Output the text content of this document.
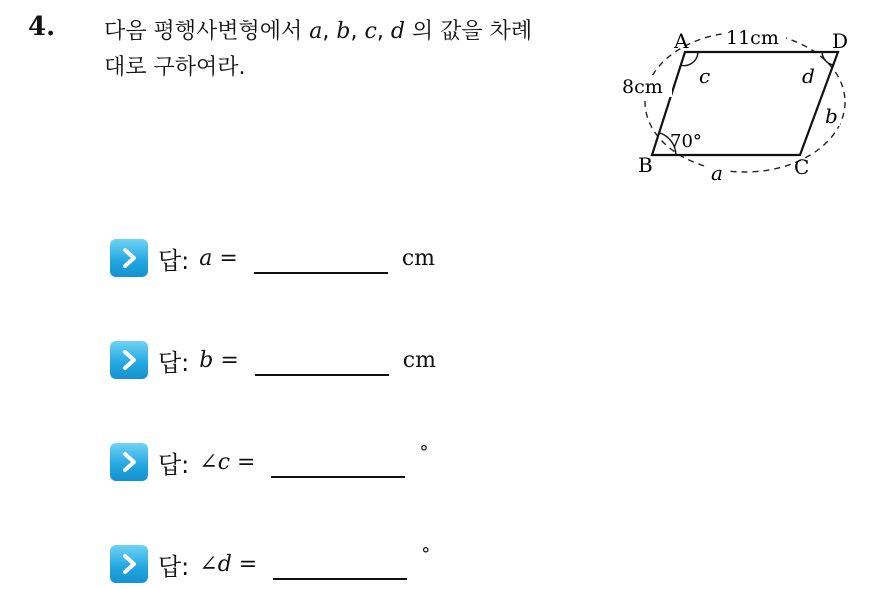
4. 다음 평행사변형에서 a, b, c, d 의 값을 차례
대로 구하여라.
A	D
B	C
11cm
8cm
70°
c	d
b
a
답: a =	cm
답: b =	cm
답: ∠c =	°
답: ∠d =	°
